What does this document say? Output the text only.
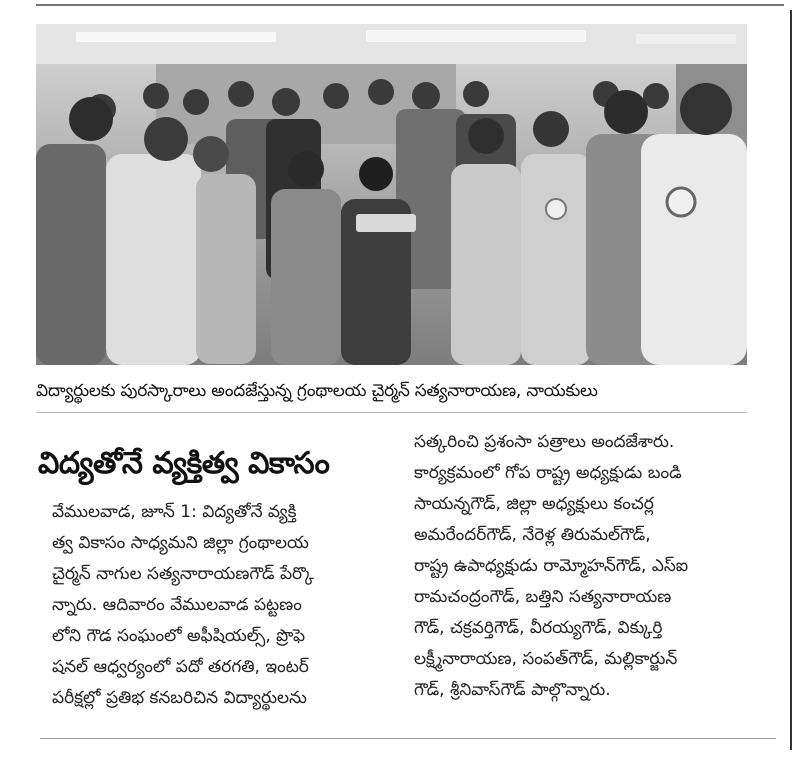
విద్యార్థులకు పురస్కారాలు అందజేస్తున్న గ్రంథాలయ చైర్మన్ సత్యనారాయణ, నాయకులు
విద్యతోనే వ్యక్తిత్వ వికాసం
వేములవాడ, జూన్ 1: విద్యతోనే వ్యక్తి
త్వ వికాసం సాధ్యమని జిల్లా గ్రంథాలయ
చైర్మన్ నాగుల సత్యనారాయణగౌడ్ పేర్కొ
న్నారు. ఆదివారం వేములవాడ పట్టణం
లోని గౌడ సంఘంలో అఫీషియల్స్, ప్రొఫె
షనల్ ఆధ్వర్యంలో పదో తరగతి, ఇంటర్
పరీక్షల్లో ప్రతిభ కనబరిచిన విద్యార్థులను
సత్కరించి ప్రశంసా పత్రాలు అందజేశారు.
కార్యక్రమంలో గోప రాష్ట్ర అధ్యక్షుడు బండి
సాయన్నగౌడ్, జిల్లా అధ్యక్షులు కంచర్ల
అమరేందర్‌గౌడ్, నేరెళ్ల తిరుమల్‌గౌడ్,
రాష్ట్ర ఉపాధ్యక్షుడు రామ్మోహన్‌గౌడ్, ఎస్ఐ
రామచంద్రంగౌడ్, బత్తిని సత్యనారాయణ
గౌడ్, చక్రవర్తిగౌడ్, వీరయ్యగౌడ్, విక్కుర్తి
లక్ష్మీనారాయణ, సంపత్‌గౌడ్, మల్లికార్జున్
గౌడ్, శ్రీనివాస్‌గౌడ్ పాల్గొన్నారు.
